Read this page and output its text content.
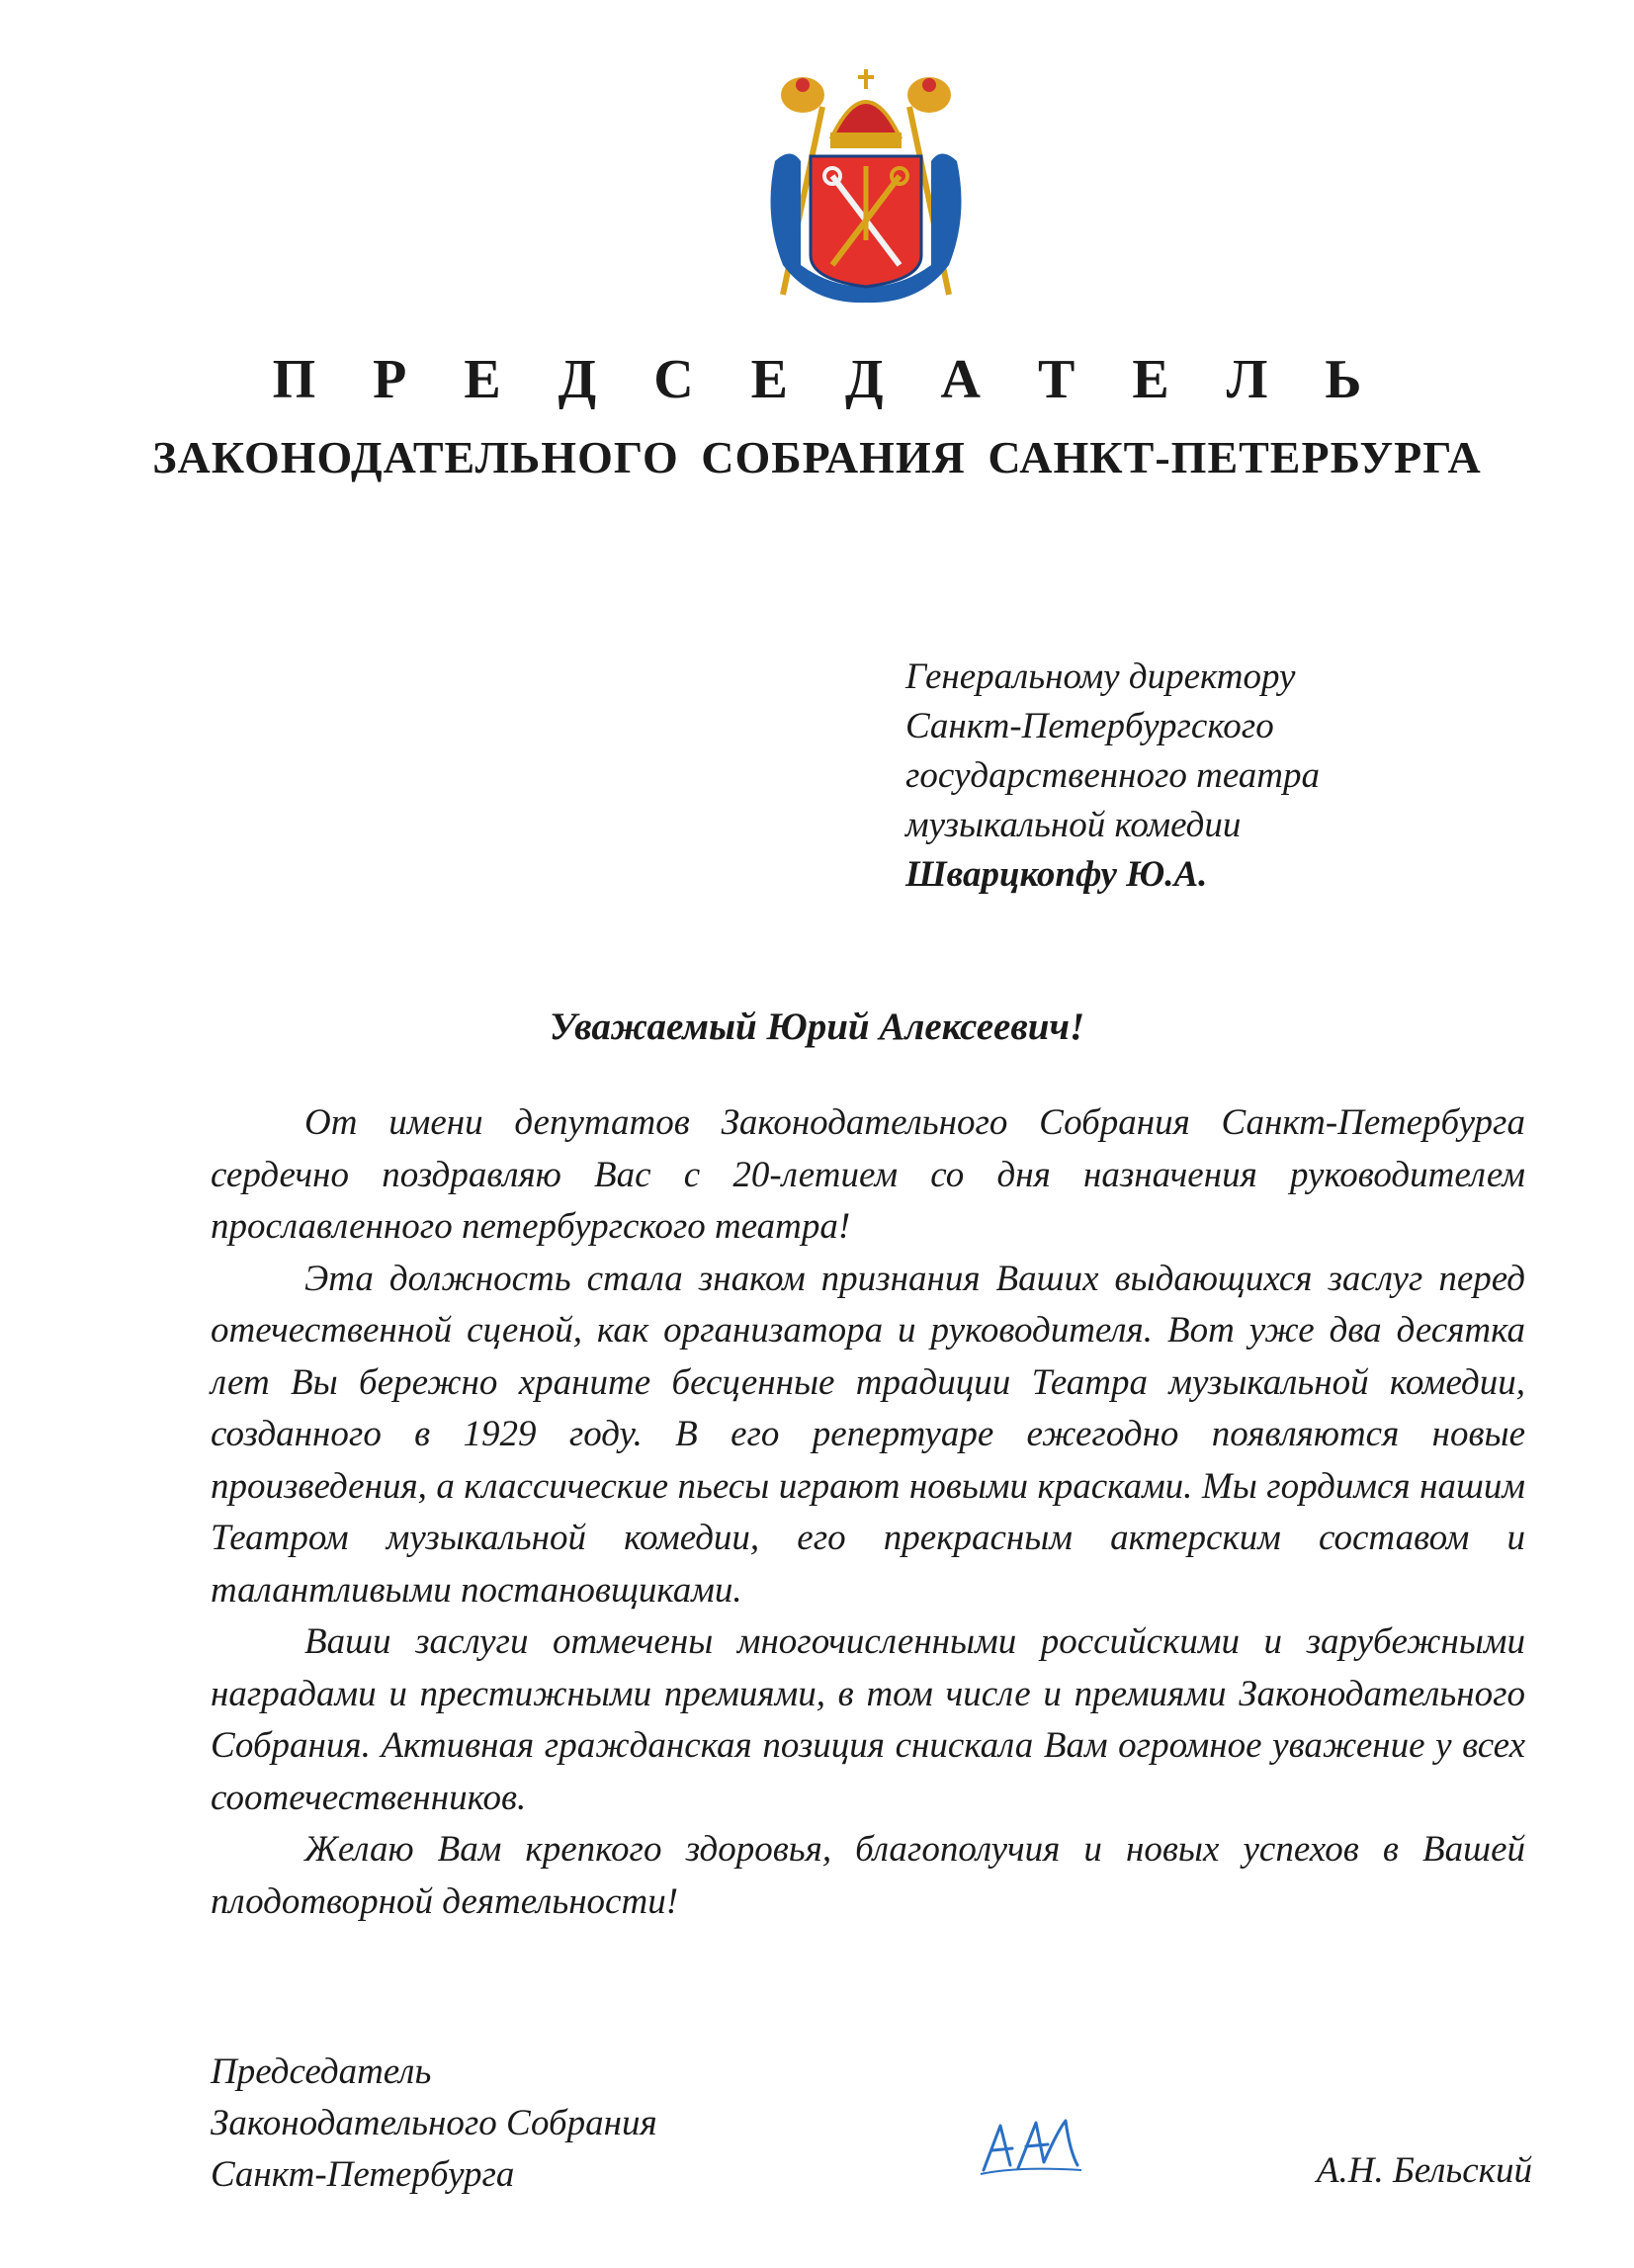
П Р Е Д С Е Д А Т Е Л Ь
ЗАКОНОДАТЕЛЬНОГО СОБРАНИЯ САНКТ-ПЕТЕРБУРГА
Генеральному директору
Санкт-Петербургского
государственного театра
музыкальной комедии
Шварцкопфу Ю.А.
Уважаемый Юрий Алексеевич!

От имени депутатов Законодательного Собрания Санкт-Петербурга сердечно поздравляю Вас с 20-летием со дня назначения руководителем прославленного петербургского театра!

Эта должность стала знаком признания Ваших выдающихся заслуг перед отечественной сценой, как организатора и руководителя. Вот уже два десятка лет Вы бережно храните бесценные традиции Театра музыкальной комедии, созданного в 1929 году. В его репертуаре ежегодно появляются новые произведения, а классические пьесы играют новыми красками. Мы гордимся нашим Театром музыкальной комедии, его прекрасным актерским составом и талантливыми постановщиками.

Ваши заслуги отмечены многочисленными российскими и зарубежными наградами и престижными премиями, в том числе и премиями Законодательного Собрания. Активная гражданская позиция снискала Вам огромное уважение у всех соотечественников.

Желаю Вам крепкого здоровья, благополучия и новых успехов в Вашей плодотворной деятельности!

Председатель
Законодательного Собрания
Санкт-Петербурга	А.Н. Бельский
